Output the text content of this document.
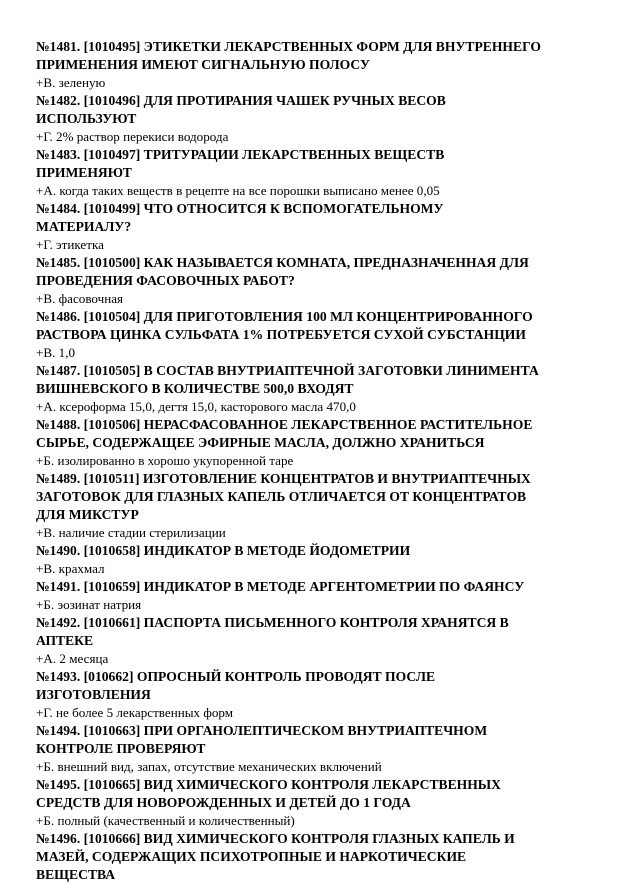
№1481. [1010495] ЭТИКЕТКИ ЛЕКАРСТВЕННЫХ ФОРМ ДЛЯ ВНУТРЕННЕГО
ПРИМЕНЕНИЯ ИМЕЮТ СИГНАЛЬНУЮ ПОЛОСУ
+В. зеленую
№1482. [1010496] ДЛЯ ПРОТИРАНИЯ ЧАШЕК РУЧНЫХ ВЕСОВ
ИСПОЛЬЗУЮТ
+Г. 2% раствор перекиси водорода
№1483. [1010497] ТРИТУРАЦИИ ЛЕКАРСТВЕННЫХ ВЕЩЕСТВ
ПРИМЕНЯЮТ
+А. когда таких веществ в рецепте на все порошки выписано менее 0,05
№1484. [1010499] ЧТО ОТНОСИТСЯ К ВСПОМОГАТЕЛЬНОМУ
МАТЕРИАЛУ?
+Г. этикетка
№1485. [1010500] КАК НАЗЫВАЕТСЯ КОМНАТА, ПРЕДНАЗНАЧЕННАЯ ДЛЯ
ПРОВЕДЕНИЯ ФАСОВОЧНЫХ РАБОТ?
+В. фасовочная
№1486. [1010504] ДЛЯ ПРИГОТОВЛЕНИЯ 100 МЛ КОНЦЕНТРИРОВАННОГО
РАСТВОРА ЦИНКА СУЛЬФАТА 1% ПОТРЕБУЕТСЯ СУХОЙ СУБСТАНЦИИ
+В. 1,0
№1487. [1010505] В СОСТАВ ВНУТРИАПТЕЧНОЙ ЗАГОТОВКИ ЛИНИМЕНТА
ВИШНЕВСКОГО В КОЛИЧЕСТВЕ 500,0 ВХОДЯТ
+А. ксероформа 15,0, дегтя 15,0, касторового масла 470,0
№1488. [1010506] НЕРАСФАСОВАННОЕ ЛЕКАРСТВЕННОЕ РАСТИТЕЛЬНОЕ
СЫРЬЕ, СОДЕРЖАЩЕЕ ЭФИРНЫЕ МАСЛА, ДОЛЖНО ХРАНИТЬСЯ
+Б. изолированно в хорошо укупоренной таре
№1489. [1010511] ИЗГОТОВЛЕНИЕ КОНЦЕНТРАТОВ И ВНУТРИАПТЕЧНЫХ
ЗАГОТОВОК ДЛЯ ГЛАЗНЫХ КАПЕЛЬ ОТЛИЧАЕТСЯ ОТ КОНЦЕНТРАТОВ
ДЛЯ МИКСТУР
+В. наличие стадии стерилизации
№1490. [1010658] ИНДИКАТОР В МЕТОДЕ ЙОДОМЕТРИИ
+В. крахмал
№1491. [1010659] ИНДИКАТОР В МЕТОДЕ АРГЕНТОМЕТРИИ ПО ФАЯНСУ
+Б. эозинат натрия
№1492. [1010661] ПАСПОРТА ПИСЬМЕННОГО КОНТРОЛЯ ХРАНЯТСЯ В
АПТЕКЕ
+А. 2 месяца
№1493. [010662] ОПРОСНЫЙ КОНТРОЛЬ ПРОВОДЯТ ПОСЛЕ
ИЗГОТОВЛЕНИЯ
+Г. не более 5 лекарственных форм
№1494. [1010663] ПРИ ОРГАНОЛЕПТИЧЕСКОМ ВНУТРИАПТЕЧНОМ
КОНТРОЛЕ ПРОВЕРЯЮТ
+Б. внешний вид, запах, отсутствие механических включений
№1495. [1010665] ВИД ХИМИЧЕСКОГО КОНТРОЛЯ ЛЕКАРСТВЕННЫХ
СРЕДСТВ ДЛЯ НОВОРОЖДЕННЫХ И ДЕТЕЙ ДО 1 ГОДА
+Б. полный (качественный и количественный)
№1496. [1010666] ВИД ХИМИЧЕСКОГО КОНТРОЛЯ ГЛАЗНЫХ КАПЕЛЬ И
МАЗЕЙ, СОДЕРЖАЩИХ ПСИХОТРОПНЫЕ И НАРКОТИЧЕСКИЕ
ВЕЩЕСТВА
